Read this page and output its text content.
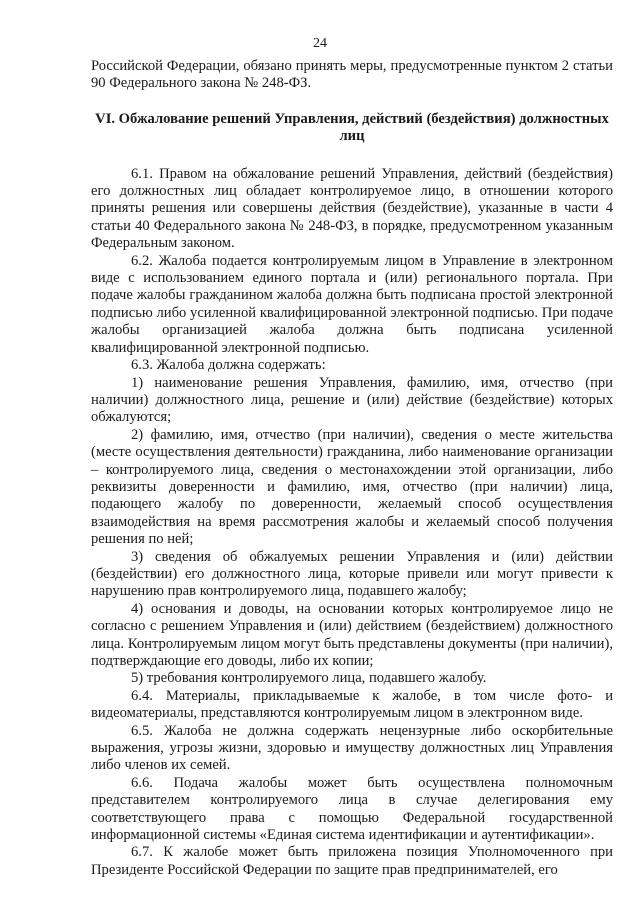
24

Российской Федерации, обязано принять меры, предусмотренные пунктом 2 статьи 90 Федерального закона № 248-ФЗ.

VI. Обжалование решений Управления, действий (бездействия) должностных лиц

6.1. Правом на обжалование решений Управления, действий (бездействия) его должностных лиц обладает контролируемое лицо, в отношении которого приняты решения или совершены действия (бездействие), указанные в части 4 статьи 40 Федерального закона № 248-ФЗ, в порядке, предусмотренном указанным Федеральным законом.

6.2. Жалоба подается контролируемым лицом в Управление в электронном виде с использованием единого портала и (или) регионального портала. При подаче жалобы гражданином жалоба должна быть подписана простой электронной подписью либо усиленной квалифицированной электронной подписью. При подаче жалобы организацией жалоба должна быть подписана усиленной квалифицированной электронной подписью.

6.3. Жалоба должна содержать:

1) наименование решения Управления, фамилию, имя, отчество (при наличии) должностного лица, решение и (или) действие (бездействие) которых обжалуются;

2) фамилию, имя, отчество (при наличии), сведения о месте жительства (месте осуществления деятельности) гражданина, либо наименование организации – контролируемого лица, сведения о местонахождении этой организации, либо реквизиты доверенности и фамилию, имя, отчество (при наличии) лица, подающего жалобу по доверенности, желаемый способ осуществления взаимодействия на время рассмотрения жалобы и желаемый способ получения решения по ней;

3) сведения об обжалуемых решении Управления и (или) действии (бездействии) его должностного лица, которые привели или могут привести к нарушению прав контролируемого лица, подавшего жалобу;

4) основания и доводы, на основании которых контролируемое лицо не согласно с решением Управления и (или) действием (бездействием) должностного лица. Контролируемым лицом могут быть представлены документы (при наличии), подтверждающие его доводы, либо их копии;

5) требования контролируемого лица, подавшего жалобу.

6.4. Материалы, прикладываемые к жалобе, в том числе фото- и видеоматериалы, представляются контролируемым лицом в электронном виде.

6.5. Жалоба не должна содержать нецензурные либо оскорбительные выражения, угрозы жизни, здоровью и имуществу должностных лиц Управления либо членов их семей.

6.6. Подача жалобы может быть осуществлена полномочным представителем контролируемого лица в случае делегирования ему соответствующего права с помощью Федеральной государственной информационной системы «Единая система идентификации и аутентификации».

6.7. К жалобе может быть приложена позиция Уполномоченного при Президенте Российской Федерации по защите прав предпринимателей, его
